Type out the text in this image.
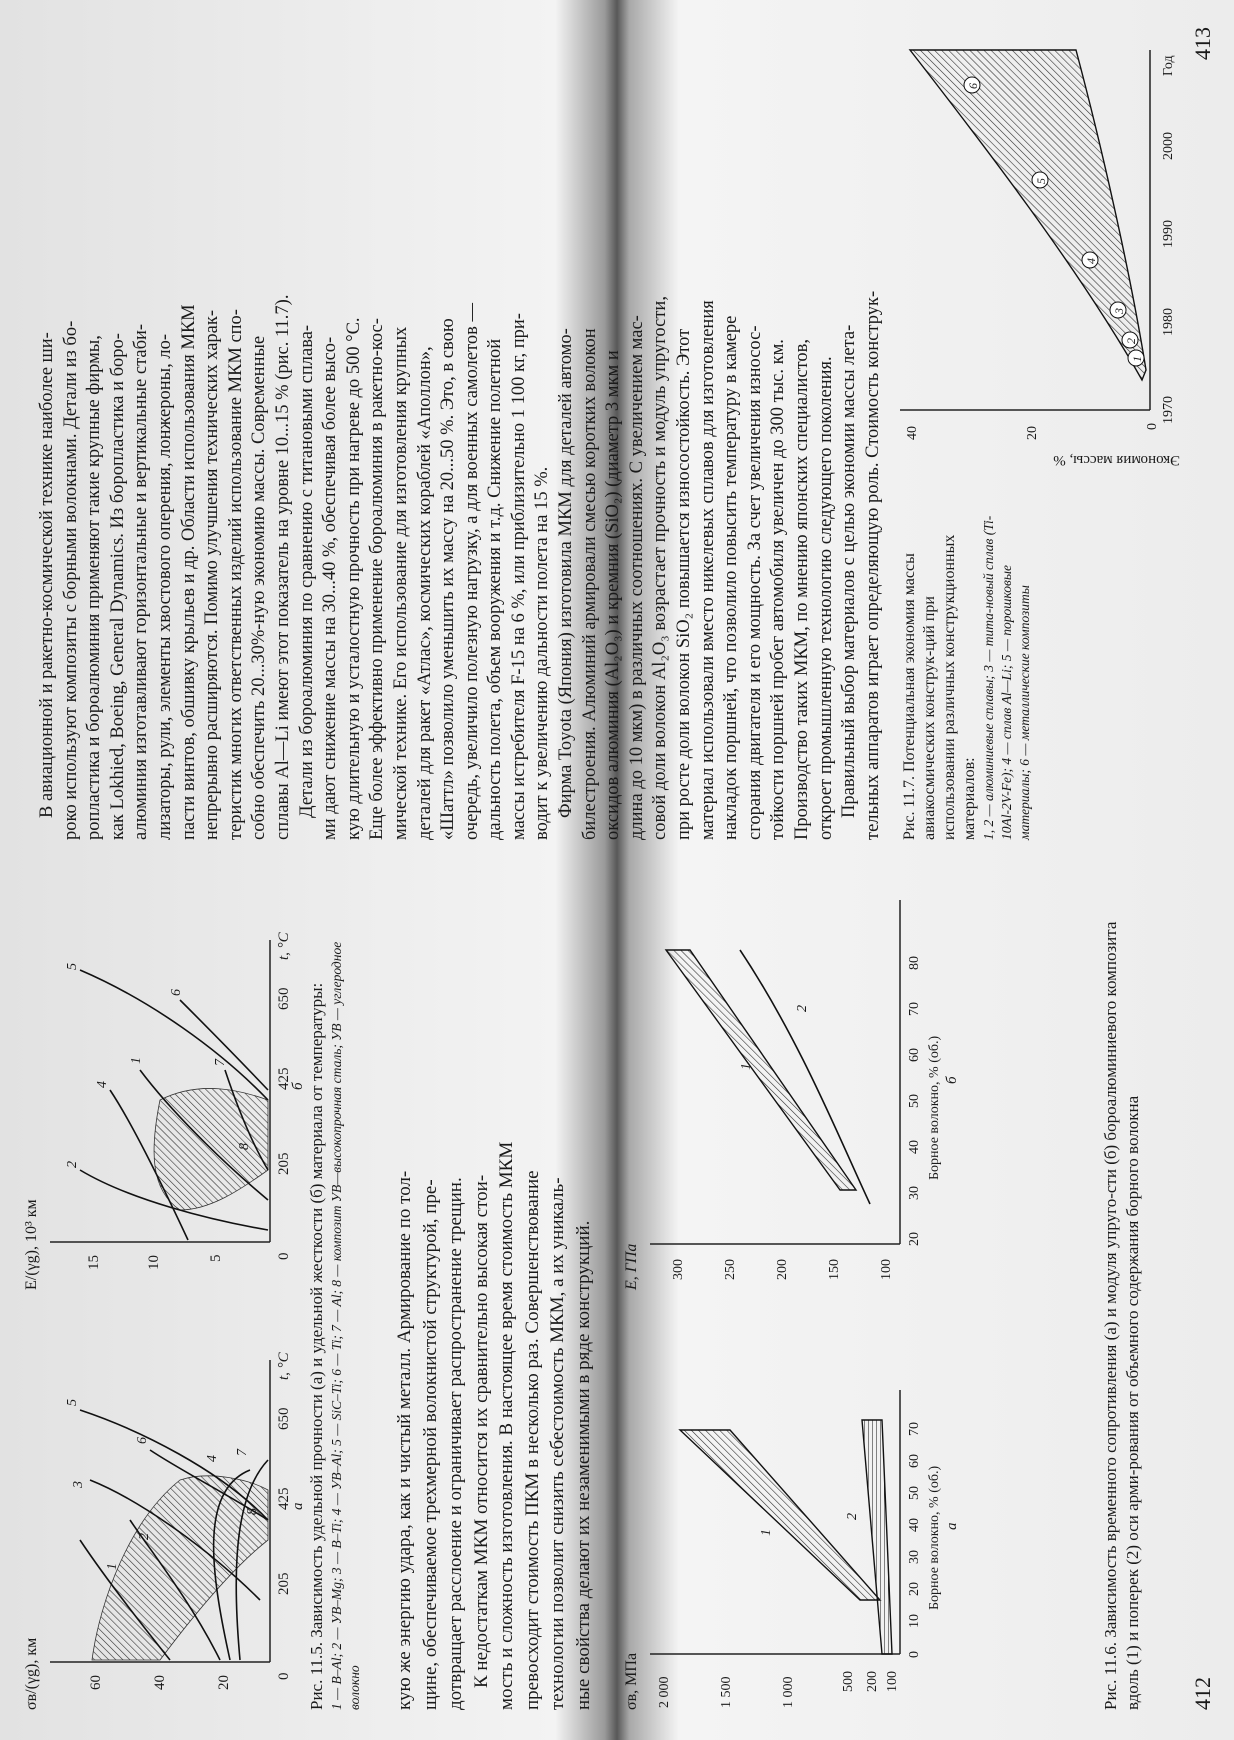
σв/(γg), км	60	40	20	0
205
425
650
t, °C
1
2
3
4
5
6
7
8
а
E/(γg), 10³ км	15	10	5	0
205
425
650
t, °C
2
4
1
5
6
7
8
б Рис. 11.5. Зависимость удельной прочности (а) и удельной жесткости (б) материала от температуры: 1 — B–Al; 2 — УВ–Mg; 3 — B–Ti; 4 — УВ–Al; 5 — SiC–Ti; 6 — Ti; 7 — Al; 8 — композит УВ—высокопрочная сталь; УВ — углеродное волокно кую же энергию удара, как и чистый металл. Армирование по тол- щине, обеспечиваемое трехмерной волокнистой структурой, пре- дотвращает расслоение и ограничивает распространение трещин. К недостаткам МКМ относится их сравнительно высокая стои- мость и сложность изготовления. В настоящее время стоимость МКМ превосходит стоимость ПКМ в несколько раз. Совершенствование технологии позволит снизить себестоимость МКМ, а их уникаль- ные свойства делают их незаменимыми в ряде конструкций. σв, МПа 2 000	1 500	1 000	500 200 100
0
10
20
30
40
50
60
70
Борное волокно, % (об.)
1
2
а
E, ГПа 300	250	200	150	100
20
30
40
50
60
70
80
Борное волокно, % (об.)
1
2
б	Рис. 11.6. Зависимость временного сопротивления (а) и модуля упруго-сти (б) бороалюминиевого композита вдоль (1) и поперек (2) оси арми-рования от объемного содержания борного волокна 412
В авиационной и ракетно-космической технике наиболее ши- роко используют композиты с борными волокнами. Детали из бо- ропластика и бороалюминия применяют такие крупные фирмы, как Lokhied, Boeing, General Dynamics. Из боропластика и боро- алюминия изготавливают горизонтальные и вертикальные стаби- лизаторы, рули, элементы хвостового оперения, лонжероны, ло- пасти винтов, обшивку крыльев и др. Области использования МКМ непрерывно расширяются. Помимо улучшения технических харак- теристик многих ответственных изделий использование МКМ спо- собно обеспечить 20...30%-ную экономию массы. Современные сплавы Al—Li имеют этот показатель на уровне 10...15 % (рис. 11.7). Детали из бороалюминия по сравнению с титановыми сплава- ми дают снижение массы на 30...40 %, обеспечивая более высо- кую длительную и усталостную прочность при нагреве до 500 °C. Еще более эффективно применение бороалюминия в ракетно-кос- мической технике. Его использование для изготовления крупных деталей для ракет «Атлас», космических кораблей «Аполлон», «Шаттл» позволило уменьшить их массу на 20...50 %. Это, в свою очередь, увеличило полезную нагрузку, а для военных самолетов — дальность полета, объем вооружения и т.д. Снижение полетной массы истребителя F-15 на 6 %, или приблизительно 1 100 кг, при- водит к увеличению дальности полета на 15 %. Фирма Toyota (Япония) изготовила МКМ для деталей автомо- билестроения. Алюминий армировали смесью коротких волокон оксидов алюминия (Al₂O₃) и кремния (SiO₂) (диаметр 3 мкм и длина до 10 мкм) в различных соотношениях. С увеличением мас- совой доли волокон Al₂O₃ возрастает прочность и модуль упругости, при росте доли волокон SiO₂ повышается износостойкость. Этот материал использовали вместо никелевых сплавов для изготовления накладок поршней, что позволило повысить температуру в камере сгорания двигателя и его мощность. За счет увеличения износос- тойкости поршней пробег автомобиля увеличен до 300 тыс. км. Производство таких МКМ, по мнению японских специалистов, откроет промышленную технологию следующего поколения. Правильный выбор материалов с целью экономии массы лета- тельных аппаратов играет определяющую роль. Стоимость конструк- Рис. 11.7. Потенциальная экономия массы авиакосмических конструк-ций при использовании различных конструкционных материалов: 1, 2 — алюминиевые сплавы; 3 — тита-новый сплав (Ti-10Al-2V-Fe); 4 — сплав Al—Li; 5 — порошковые материалы; 6 — металлические композиты
Экономия массы, %
40	20	0
1970
1980
1990
2000
Год
1
2
3
4
5
6
413
